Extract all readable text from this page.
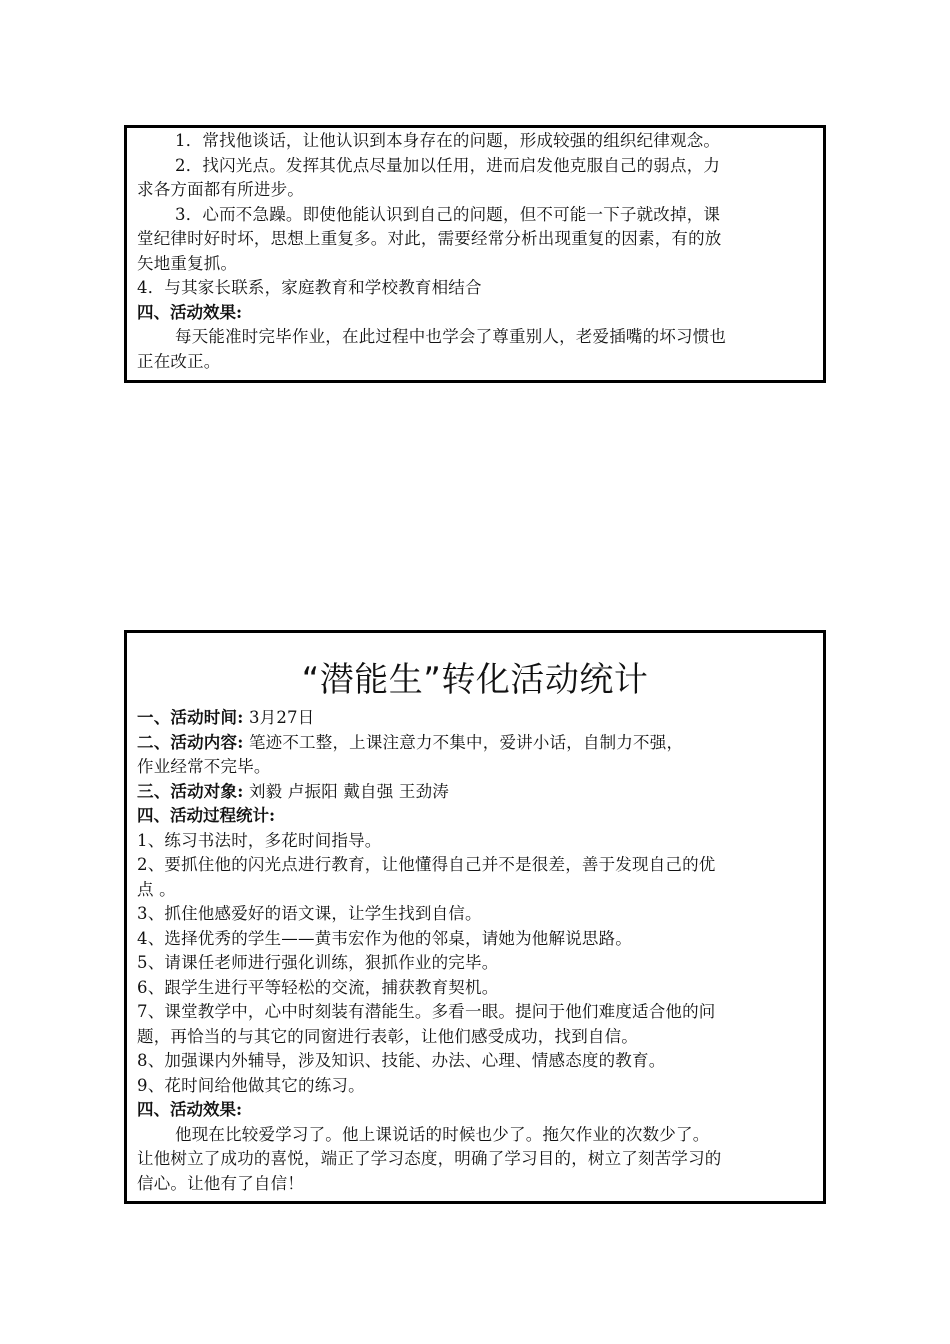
1．常找他谈话，让他认识到本身存在的问题，形成较强的组织纪律观念。
2．找闪光点。发挥其优点尽量加以任用，进而启发他克服自己的弱点，力
求各方面都有所进步。
3．心而不急躁。即使他能认识到自己的问题，但不可能一下子就改掉，课
堂纪律时好时坏，思想上重复多。对此，需要经常分析出现重复的因素，有的放
矢地重复抓。
4．与其家长联系，家庭教育和学校教育相结合
四、活动效果:
每天能准时完毕作业，在此过程中也学会了尊重别人，老爱插嘴的坏习惯也
正在改正。
“潜能生”转化活动统计
一、活动时间: 3月27日
二、活动内容: 笔迹不工整，上课注意力不集中，爱讲小话，自制力不强，
作业经常不完毕。
三、活动对象: 刘毅 卢振阳 戴自强 王劲涛
四、活动过程统计:
1、练习书法时，多花时间指导。
2、要抓住他的闪光点进行教育，让他懂得自己并不是很差，善于发现自己的优
点 。
3、抓住他感爱好的语文课，让学生找到自信。
4、选择优秀的学生——黄韦宏作为他的邻桌，请她为他解说思路。
5、请课任老师进行强化训练，狠抓作业的完毕。
6、跟学生进行平等轻松的交流，捕获教育契机。
7、课堂教学中，心中时刻装有潜能生。多看一眼。提问于他们难度适合他的问
题，再恰当的与其它的同窗进行表彰，让他们感受成功，找到自信。
8、加强课内外辅导，涉及知识、技能、办法、心理、情感态度的教育。
9、花时间给他做其它的练习。
四、活动效果:
他现在比较爱学习了。他上课说话的时候也少了。拖欠作业的次数少了。
让他树立了成功的喜悦，端正了学习态度，明确了学习目的，树立了刻苦学习的
信心。让他有了自信！
